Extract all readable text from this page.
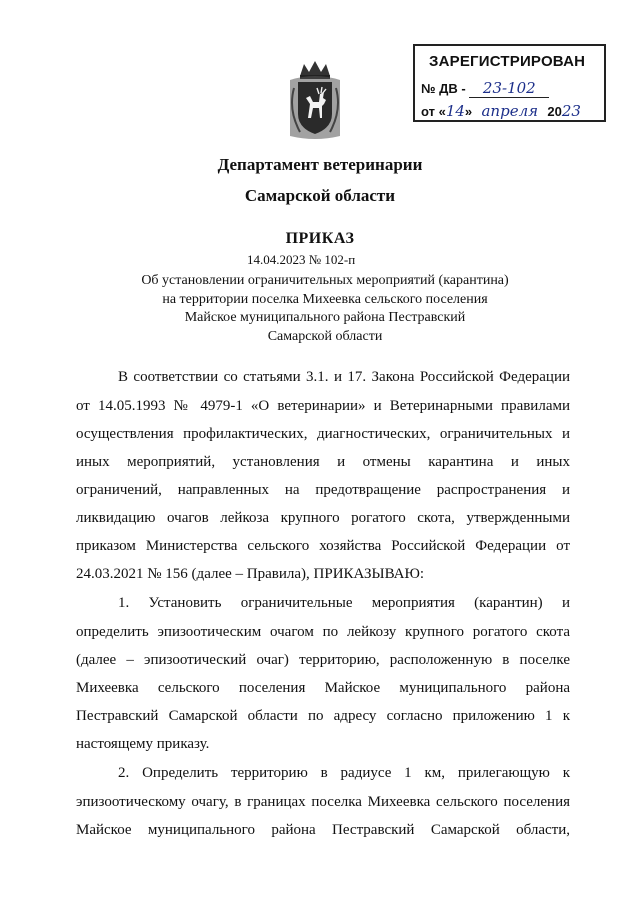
ЗАРЕГИСТРИРОВАН
№ ДВ - 23-102
от «14» апреля 2023
Департамент ветеринарии
Самарской области
ПРИКАЗ
14.04.2023 № 102-п
Об установлении ограничительных мероприятий (карантина)
на территории поселка Михеевка сельского поселения
Майское муниципального района Пестравский
Самарской области
В соответствии со статьями 3.1. и 17. Закона Российской Федерации
от 14.05.1993 № 4979-1 «О ветеринарии» и Ветеринарными правилами
осуществления профилактических, диагностических, ограничительных и
иных мероприятий, установления и отмены карантина и иных
ограничений, направленных на предотвращение распространения и
ликвидацию очагов лейкоза крупного рогатого скота, утвержденными
приказом Министерства сельского хозяйства Российской Федерации от
24.03.2021 № 156 (далее – Правила), ПРИКАЗЫВАЮ:
1. Установить ограничительные мероприятия (карантин) и
определить эпизоотическим очагом по лейкозу крупного рогатого скота
(далее – эпизоотический очаг) территорию, расположенную в поселке
Михеевка сельского поселения Майское муниципального района
Пестравский Самарской области по адресу согласно приложению 1 к
настоящему приказу.
2. Определить территорию в радиусе 1 км, прилегающую к
эпизоотическому очагу, в границах поселка Михеевка сельского поселения
Майское муниципального района Пестравский Самарской области,
